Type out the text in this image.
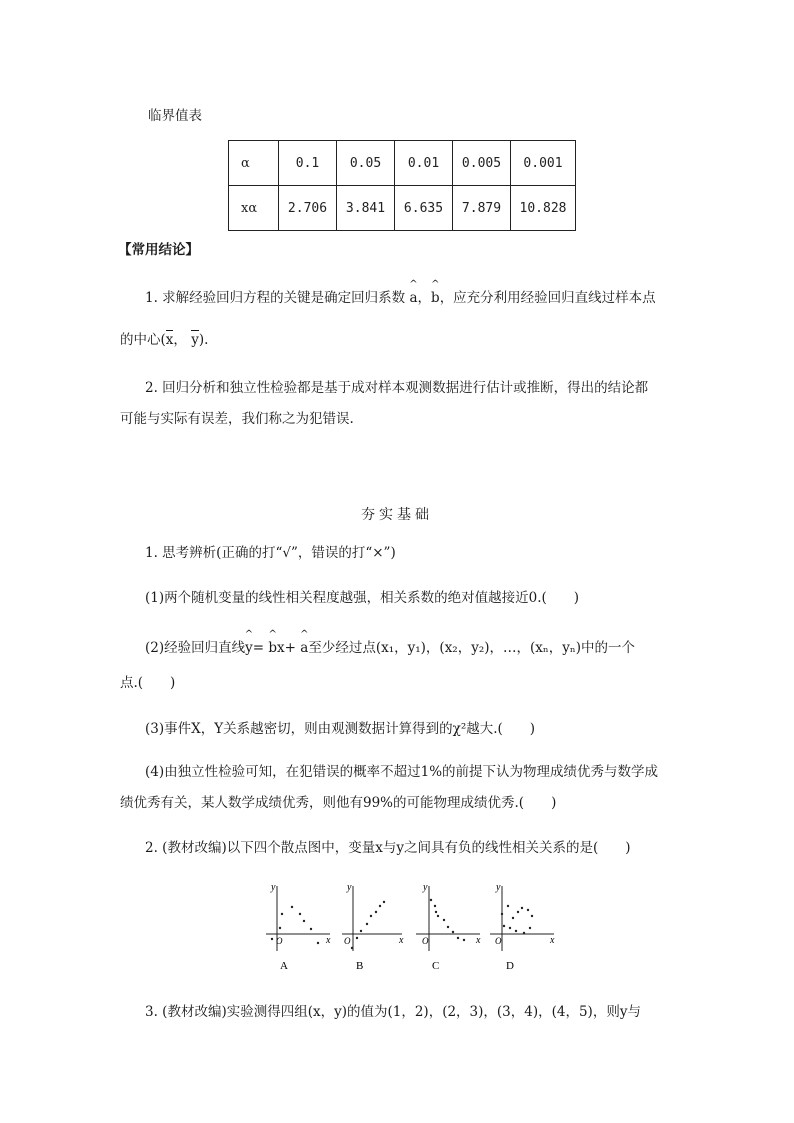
临界值表
α	0.1	0.05	0.01	0.005	0.001
xα	2.706	3.841	6.635	7.879	10.828
【常用结论】
1. 求解经验回归方程的关键是确定回归系数 ^ a，^ b，应充分利用经验回归直线过样本点
的中心(x， y).
2. 回归分析和独立性检验都是基于成对样本观测数据进行估计或推断，得出的结论都
可能与实际有误差，我们称之为犯错误.
夯实基础
1. 思考辨析(正确的打“√”，错误的打“×”)
(1)两个随机变量的线性相关程度越强，相关系数的绝对值越接近0.(　　)
(2)经验回归直线^ y= ^ bx+ ^ a至少经过点(x₁，y₁)，(x₂，y₂)，…，(xₙ，yₙ)中的一个
点.(　　)
(3)事件X，Y关系越密切，则由观测数据计算得到的χ²越大.(　　)
(4)由独立性检验可知，在犯错误的概率不超过1%的前提下认为物理成绩优秀与数学成
绩优秀有关，某人数学成绩优秀，则他有99%的可能物理成绩优秀.(　　)
2. (教材改编)以下四个散点图中，变量x与y之间具有负的线性相关关系的是(　　)
y
x
O
A
y
x
O
B
y
x
O
C
y
x
O
D
3. (教材改编)实验测得四组(x，y)的值为(1，2)，(2，3)，(3，4)，(4，5)，则y与
